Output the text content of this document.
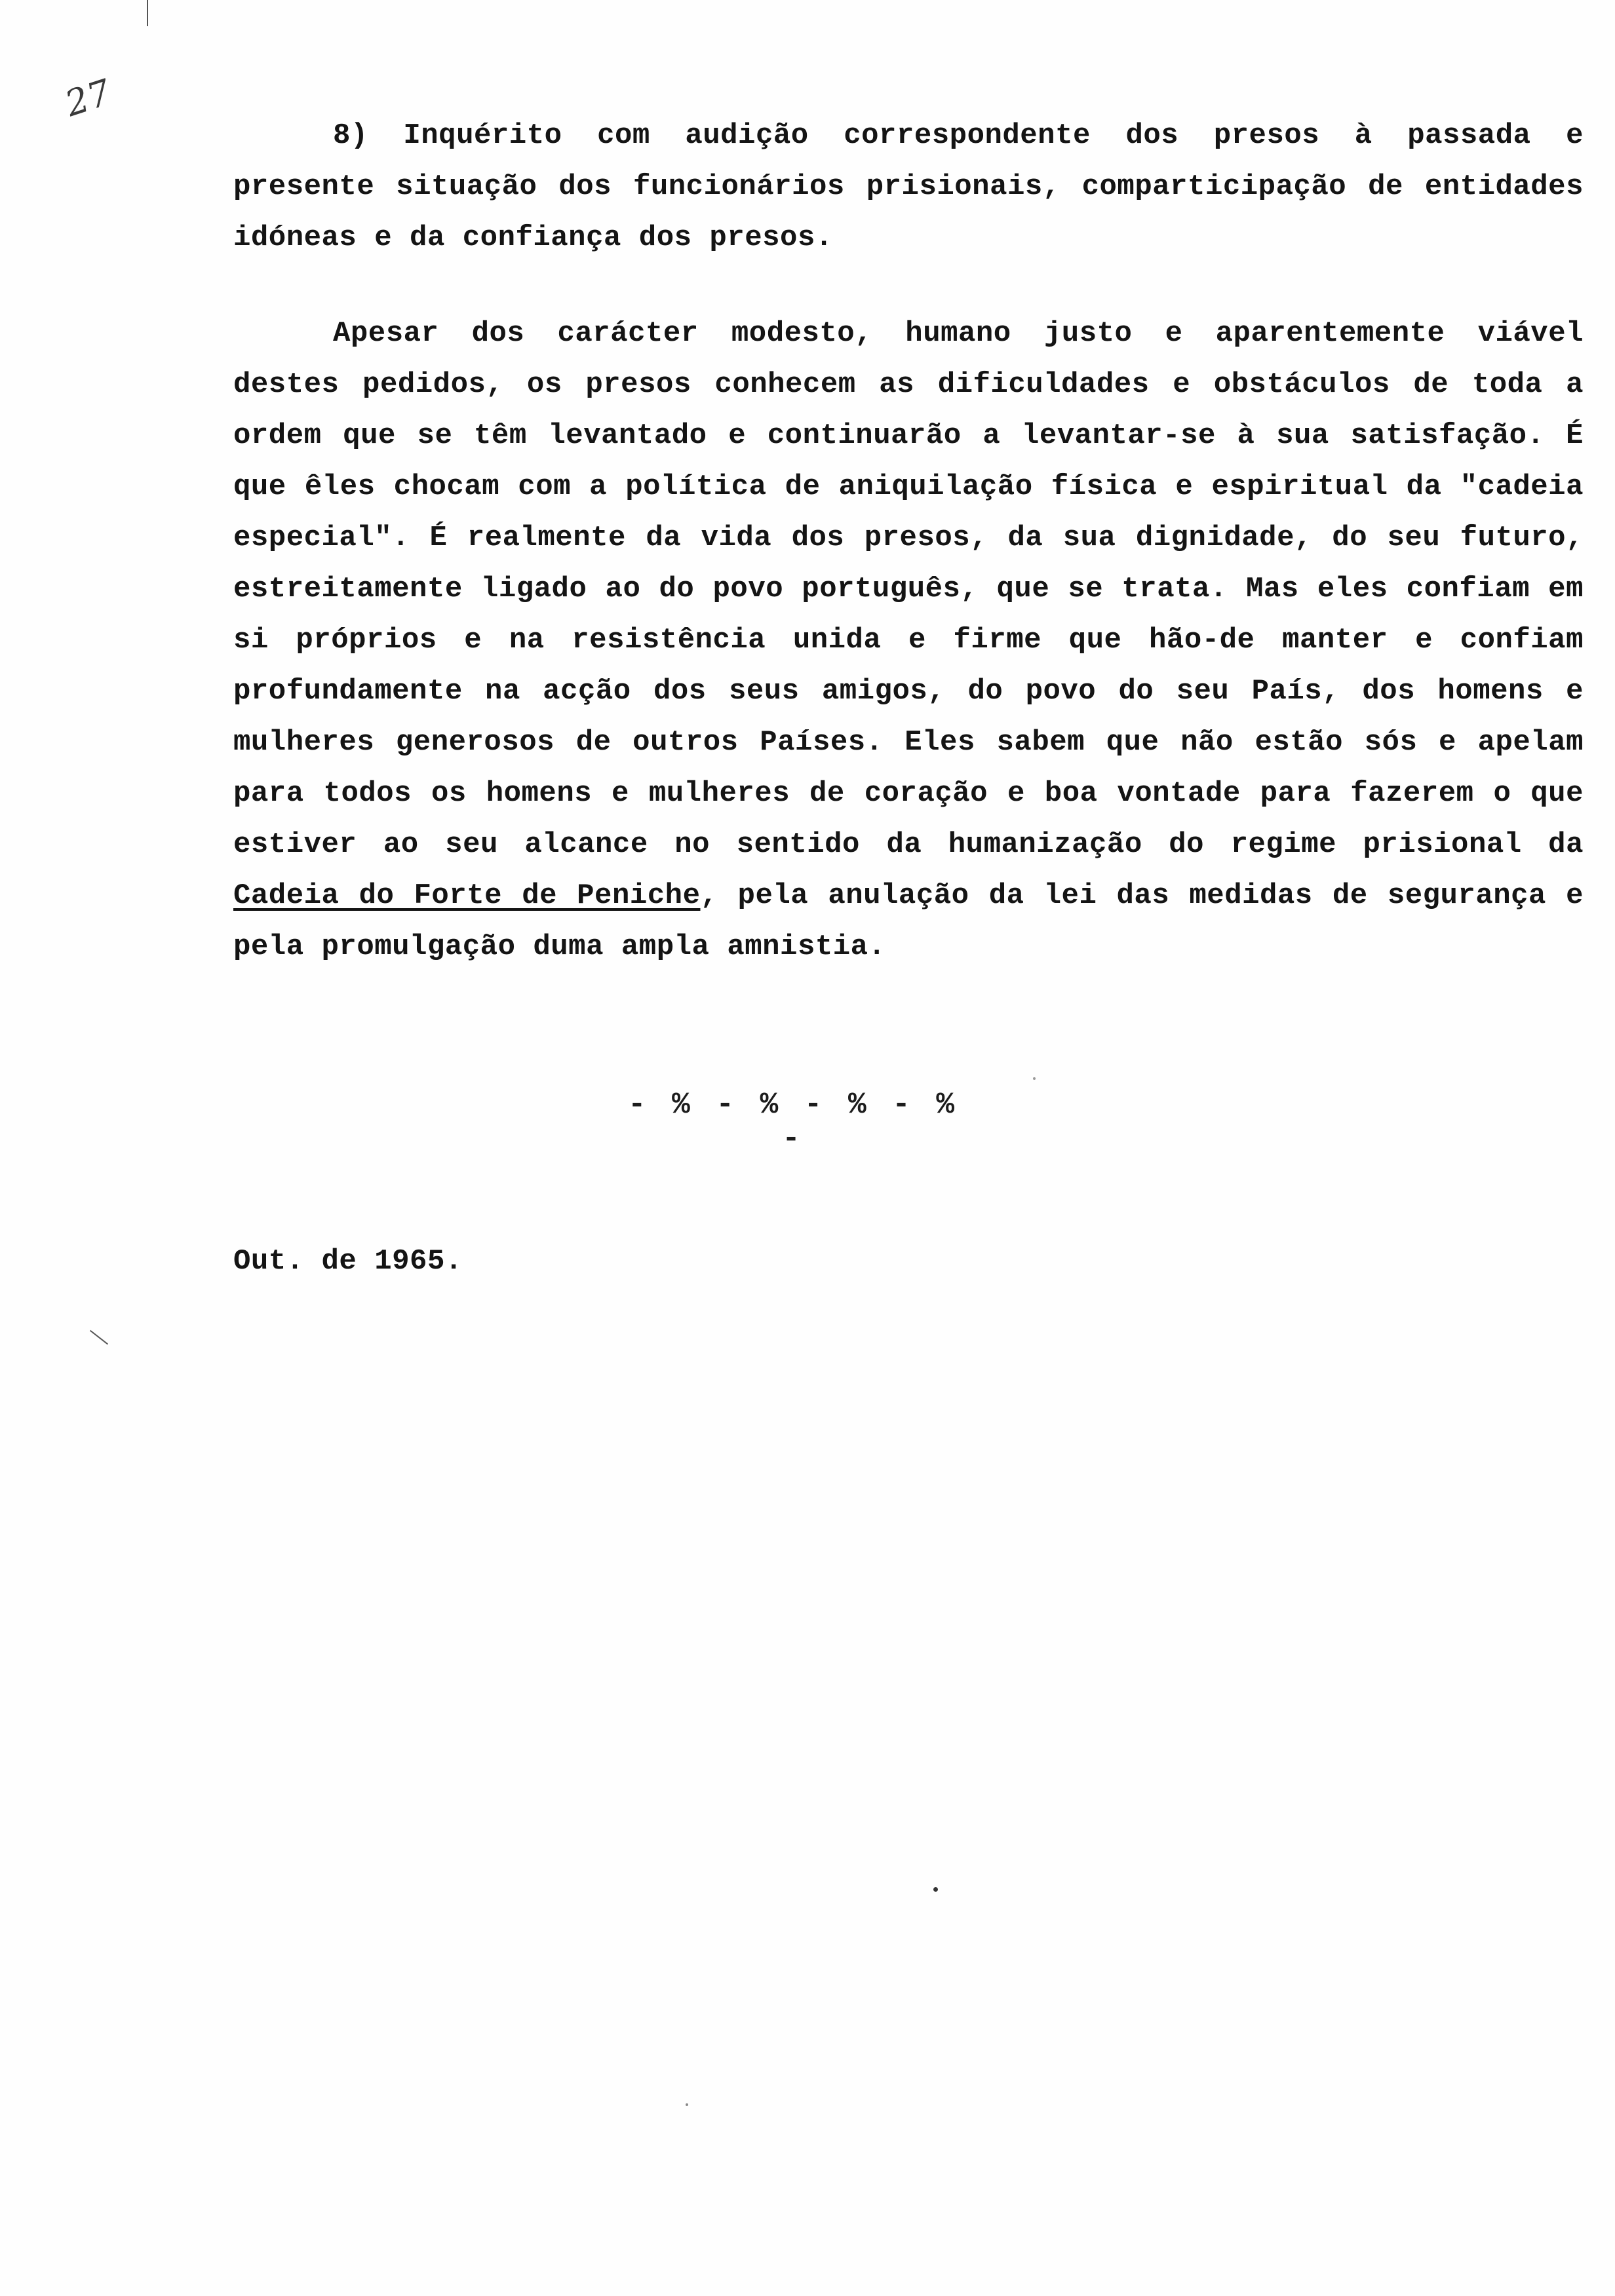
27

8) Inquérito com audição correspondente dos presos à passada e presente situação dos funcionários prisionais, comparticipação de entidades idóneas e da confiança dos presos.

Apesar dos carácter modesto, humano justo e aparentemente viável destes pedidos, os presos conhecem as dificuldades e obstáculos de toda a ordem que se têm levantado e continuarão a levantar-se à sua satisfação. É que êles chocam com a política de aniquilação física e espiritual da "cadeia especial". É realmente da vida dos presos, da sua dignidade, do seu futuro, estreitamente ligado ao do povo português, que se trata. Mas eles confiam em si próprios e na resistência unida e firme que hão-de manter e confiam profundamente na acção dos seus amigos, do povo do seu País, dos homens e mulheres generosos de outros Países. Eles sabem que não estão sós e apelam para todos os homens e mulheres de coração e boa vontade para fazerem o que estiver ao seu alcance no sentido da humanização do regime prisional da Cadeia do Forte de Peniche, pela anulação da lei das medidas de segurança e pela promulgação duma ampla amnistia.

- % - % - % - % -
Out. de 1965.
